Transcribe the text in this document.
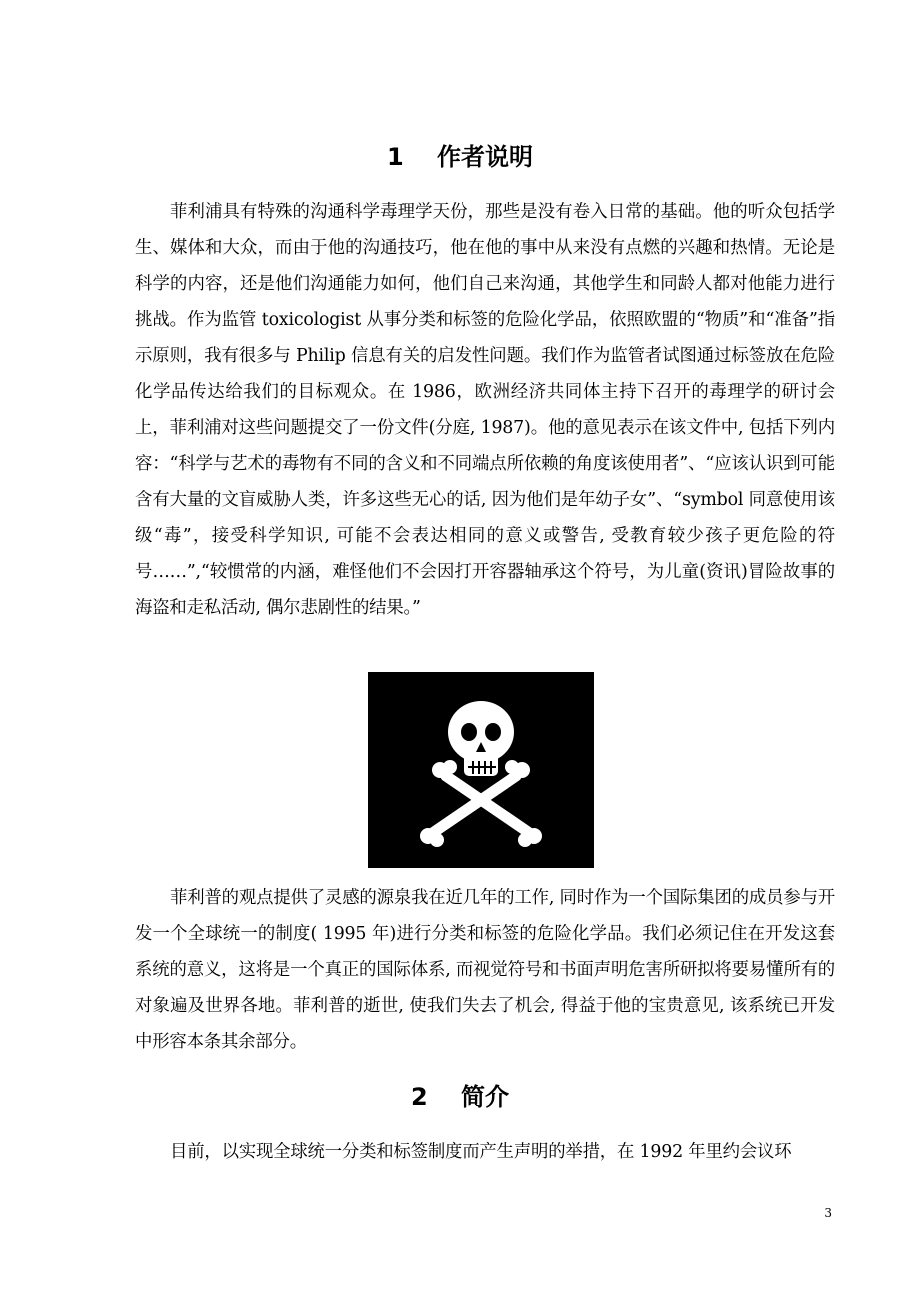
1    作者说明

菲利浦具有特殊的沟通科学毒理学天份，那些是没有卷入日常的基础。他的听众包括学生、媒体和大众，而由于他的沟通技巧，他在他的事中从来没有点燃的兴趣和热情。无论是科学的内容，还是他们沟通能力如何，他们自己来沟通，其他学生和同龄人都对他能力进行挑战。作为监管 toxicologist 从事分类和标签的危险化学品，依照欧盟的“物质”和“准备”指示原则，我有很多与 Philip 信息有关的启发性问题。我们作为监管者试图通过标签放在危险化学品传达给我们的目标观众。在 1986，欧洲经济共同体主持下召开的毒理学的研讨会上，菲利浦对这些问题提交了一份文件(分庭, 1987)。他的意见表示在该文件中, 包括下列内容：“科学与艺术的毒物有不同的含义和不同端点所依赖的角度该使用者”、“应该认识到可能含有大量的文盲威胁人类，许多这些无心的话, 因为他们是年幼子女”、“symbol 同意使用该级“毒”，接受科学知识, 可能不会表达相同的意义或警告, 受教育较少孩子更危险的符号……”,“较惯常的内涵，难怪他们不会因打开容器轴承这个符号，为儿童(资讯)冒险故事的海盗和走私活动, 偶尔悲剧性的结果。”

菲利普的观点提供了灵感的源泉我在近几年的工作, 同时作为一个国际集团的成员参与开发一个全球统一的制度( 1995 年)进行分类和标签的危险化学品。我们必须记住在开发这套系统的意义，这将是一个真正的国际体系, 而视觉符号和书面声明危害所研拟将要易懂所有的对象遍及世界各地。菲利普的逝世, 使我们失去了机会, 得益于他的宝贵意见, 该系统已开发中形容本条其余部分。

2    简介

目前，以实现全球统一分类和标签制度而产生声明的举措，在 1992 年里约会议环

3
